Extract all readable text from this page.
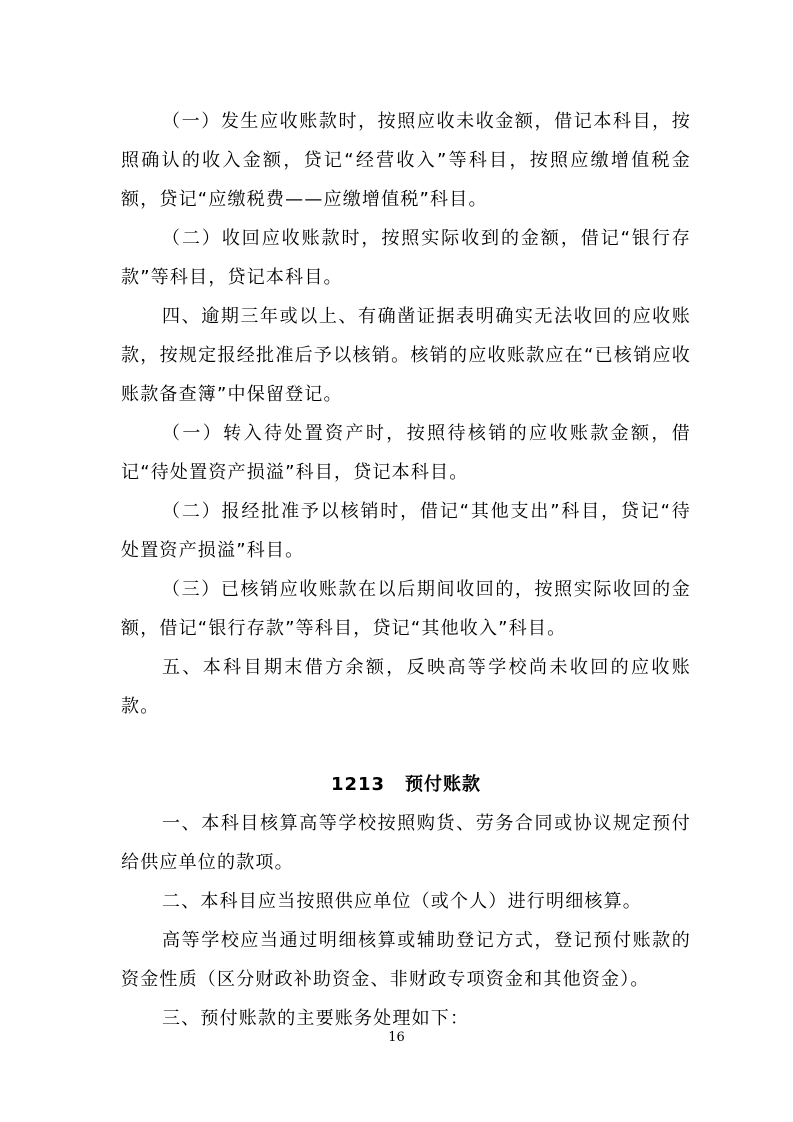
（一）发生应收账款时，按照应收未收金额，借记本科目，按照确认的收入金额，贷记“经营收入”等科目，按照应缴增值税金额，贷记“应缴税费——应缴增值税”科目。

（二）收回应收账款时，按照实际收到的金额，借记“银行存款”等科目，贷记本科目。

四、逾期三年或以上、有确凿证据表明确实无法收回的应收账款，按规定报经批准后予以核销。核销的应收账款应在“已核销应收账款备查簿”中保留登记。

（一）转入待处置资产时，按照待核销的应收账款金额，借记“待处置资产损溢”科目，贷记本科目。

（二）报经批准予以核销时，借记“其他支出”科目，贷记“待处置资产损溢”科目。

（三）已核销应收账款在以后期间收回的，按照实际收回的金额，借记“银行存款”等科目，贷记“其他收入”科目。

五、本科目期末借方余额，反映高等学校尚未收回的应收账款。

1213 预付账款

一、本科目核算高等学校按照购货、劳务合同或协议规定预付给供应单位的款项。

二、本科目应当按照供应单位（或个人）进行明细核算。

高等学校应当通过明细核算或辅助登记方式，登记预付账款的资金性质（区分财政补助资金、非财政专项资金和其他资金）。

三、预付账款的主要账务处理如下：

16
